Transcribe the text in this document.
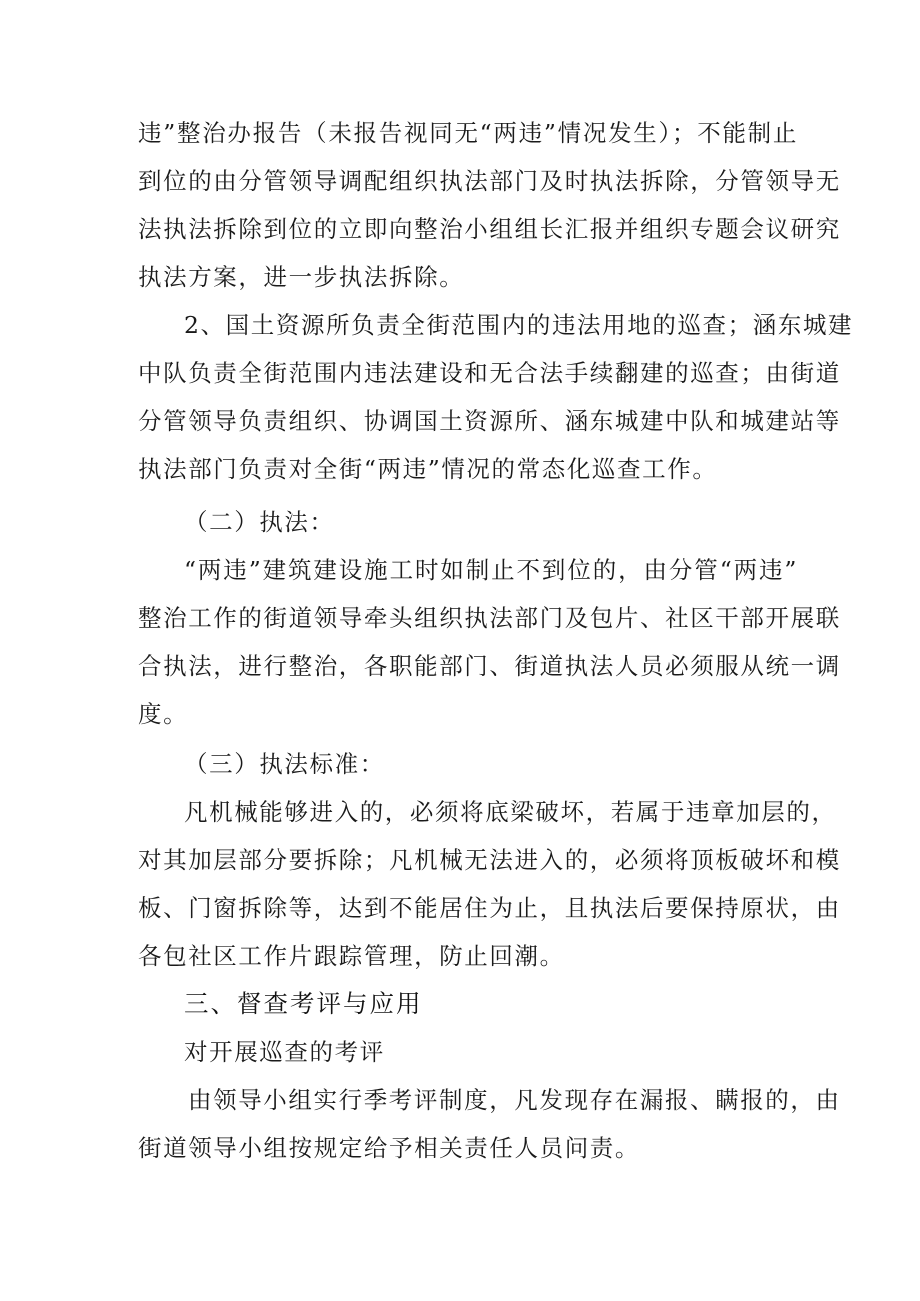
违”整治办报告（未报告视同无“两违”情况发生）；不能制止
到位的由分管领导调配组织执法部门及时执法拆除，分管领导无
法执法拆除到位的立即向整治小组组长汇报并组织专题会议研究
执法方案，进一步执法拆除。
2、国土资源所负责全街范围内的违法用地的巡查；涵东城建
中队负责全街范围内违法建设和无合法手续翻建的巡查；由街道
分管领导负责组织、协调国土资源所、涵东城建中队和城建站等
执法部门负责对全街“两违”情况的常态化巡查工作。
（二）执法：
“两违”建筑建设施工时如制止不到位的，由分管“两违”
整治工作的街道领导牵头组织执法部门及包片、社区干部开展联
合执法，进行整治，各职能部门、街道执法人员必须服从统一调
度。
（三）执法标准：
凡机械能够进入的，必须将底梁破坏，若属于违章加层的，
对其加层部分要拆除；凡机械无法进入的，必须将顶板破坏和模
板、门窗拆除等，达到不能居住为止，且执法后要保持原状，由
各包社区工作片跟踪管理，防止回潮。
三、督查考评与应用
对开展巡查的考评
由领导小组实行季考评制度，凡发现存在漏报、瞒报的，由
街道领导小组按规定给予相关责任人员问责。
